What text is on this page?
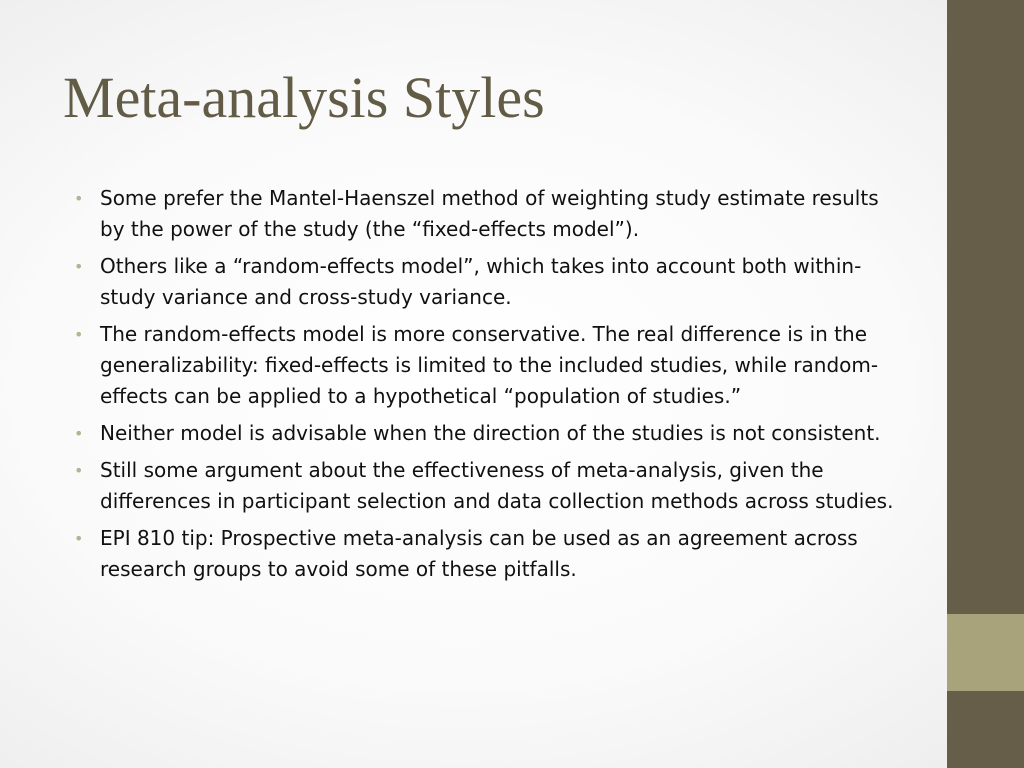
Meta-analysis Styles
• Some prefer the Mantel-Haenszel method of weighting study estimate results by the power of the study (the “fixed-effects model”).
• Others like a “random-effects model”, which takes into account both within-study variance and cross-study variance.
• The random-effects model is more conservative. The real difference is in the generalizability: fixed-effects is limited to the included studies, while random-effects can be applied to a hypothetical “population of studies.”
• Neither model is advisable when the direction of the studies is not consistent.
• Still some argument about the effectiveness of meta-analysis, given the differences in participant selection and data collection methods across studies.
• EPI 810 tip: Prospective meta-analysis can be used as an agreement across research groups to avoid some of these pitfalls.
